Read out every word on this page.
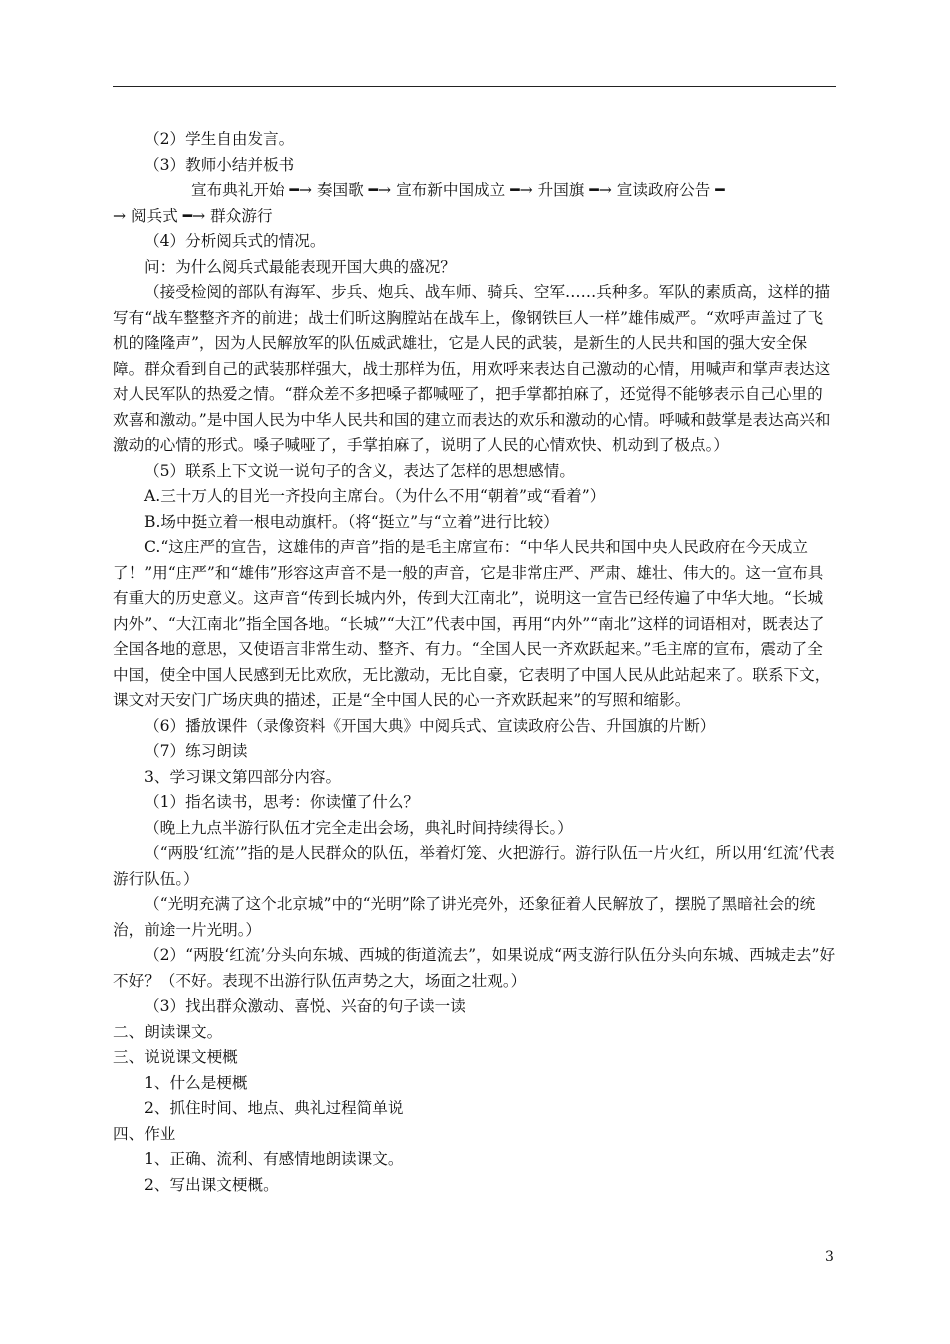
（2）学生自由发言。

（3）教师小结并板书

宣布典礼开始 ━→ 奏国歌 ━→ 宣布新中国成立 ━→ 升国旗 ━→ 宣读政府公告 ━

→ 阅兵式 ━→ 群众游行

（4）分析阅兵式的情况。

问：为什么阅兵式最能表现开国大典的盛况？

（接受检阅的部队有海军、步兵、炮兵、战车师、骑兵、空军……兵种多。军队的素质高，这样的描写有“战车整整齐齐的前进；战士们昕这胸膛站在战车上，像钢铁巨人一样”雄伟威严。“欢呼声盖过了飞机的隆隆声”，因为人民解放军的队伍威武雄壮，它是人民的武装，是新生的人民共和国的强大安全保障。群众看到自己的武装那样强大，战士那样为伍，用欢呼来表达自己激动的心情，用喊声和掌声表达这对人民军队的热爱之情。“群众差不多把嗓子都喊哑了，把手掌都拍麻了，还觉得不能够表示自己心里的欢喜和激动。”是中国人民为中华人民共和国的建立而表达的欢乐和激动的心情。呼喊和鼓掌是表达高兴和激动的心情的形式。嗓子喊哑了，手掌拍麻了，说明了人民的心情欢快、机动到了极点。）

（5）联系上下文说一说句子的含义，表达了怎样的思想感情。

A.三十万人的目光一齐投向主席台。（为什么不用“朝着”或“看着”）

B.场中挺立着一根电动旗杆。（将“挺立”与“立着”进行比较）

C.“这庄严的宣告，这雄伟的声音”指的是毛主席宣布：“中华人民共和国中央人民政府在今天成立了！”用“庄严”和“雄伟”形容这声音不是一般的声音，它是非常庄严、严肃、雄壮、伟大的。这一宣布具有重大的历史意义。这声音“传到长城内外，传到大江南北”，说明这一宣告已经传遍了中华大地。“长城内外”、“大江南北”指全国各地。“长城”“大江”代表中国，再用“内外”“南北”这样的词语相对，既表达了全国各地的意思，又使语言非常生动、整齐、有力。“全国人民一齐欢跃起来。”毛主席的宣布，震动了全中国，使全中国人民感到无比欢欣，无比激动，无比自豪，它表明了中国人民从此站起来了。联系下文，课文对天安门广场庆典的描述，正是“全中国人民的心一齐欢跃起来”的写照和缩影。

（6）播放课件（录像资料《开国大典》中阅兵式、宣读政府公告、升国旗的片断）

（7）练习朗读

3、学习课文第四部分内容。

（1）指名读书，思考：你读懂了什么？

（晚上九点半游行队伍才完全走出会场，典礼时间持续得长。）

（“两股‘红流’”指的是人民群众的队伍，举着灯笼、火把游行。游行队伍一片火红，所以用‘红流’代表游行队伍。）

（“光明充满了这个北京城”中的“光明”除了讲光亮外，还象征着人民解放了，摆脱了黑暗社会的统治，前途一片光明。）

（2）“两股‘红流’分头向东城、西城的街道流去”，如果说成“两支游行队伍分头向东城、西城走去”好不好？（不好。表现不出游行队伍声势之大，场面之壮观。）

（3）找出群众激动、喜悦、兴奋的句子读一读

二、朗读课文。

三、说说课文梗概

1、什么是梗概

2、抓住时间、地点、典礼过程简单说

四、作业

1、正确、流利、有感情地朗读课文。

2、写出课文梗概。

3
